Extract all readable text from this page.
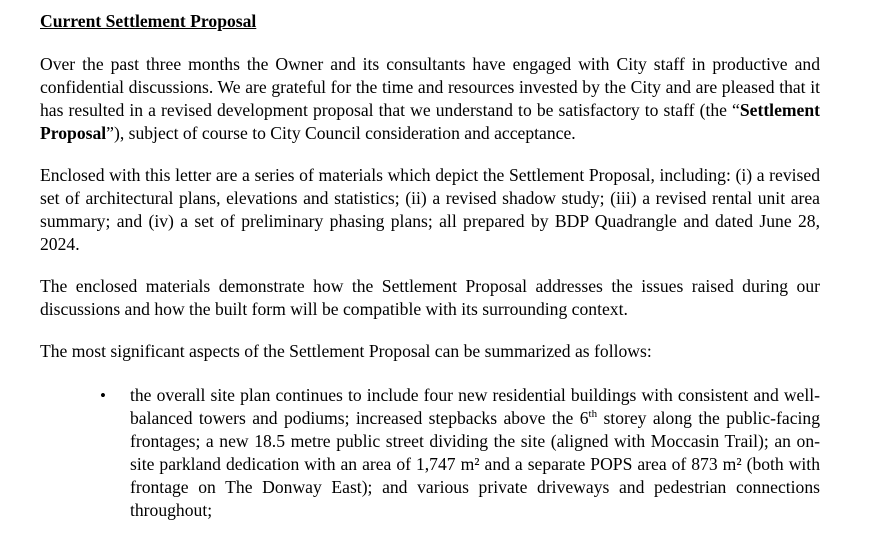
Current Settlement Proposal

Over the past three months the Owner and its consultants have engaged with City staff in productive and confidential discussions. We are grateful for the time and resources invested by the City and are pleased that it has resulted in a revised development proposal that we understand to be satisfactory to staff (the “Settlement Proposal”), subject of course to City Council consideration and acceptance.

Enclosed with this letter are a series of materials which depict the Settlement Proposal, including: (i) a revised set of architectural plans, elevations and statistics; (ii) a revised shadow study; (iii) a revised rental unit area summary; and (iv) a set of preliminary phasing plans; all prepared by BDP Quadrangle and dated June 28, 2024.

The enclosed materials demonstrate how the Settlement Proposal addresses the issues raised during our discussions and how the built form will be compatible with its surrounding context.

The most significant aspects of the Settlement Proposal can be summarized as follows:

• the overall site plan continues to include four new residential buildings with consistent and well-balanced towers and podiums; increased stepbacks above the 6th storey along the public-facing frontages; a new 18.5 metre public street dividing the site (aligned with Moccasin Trail); an on-site parkland dedication with an area of 1,747 m² and a separate POPS area of 873 m² (both with frontage on The Donway East); and various private driveways and pedestrian connections throughout;
